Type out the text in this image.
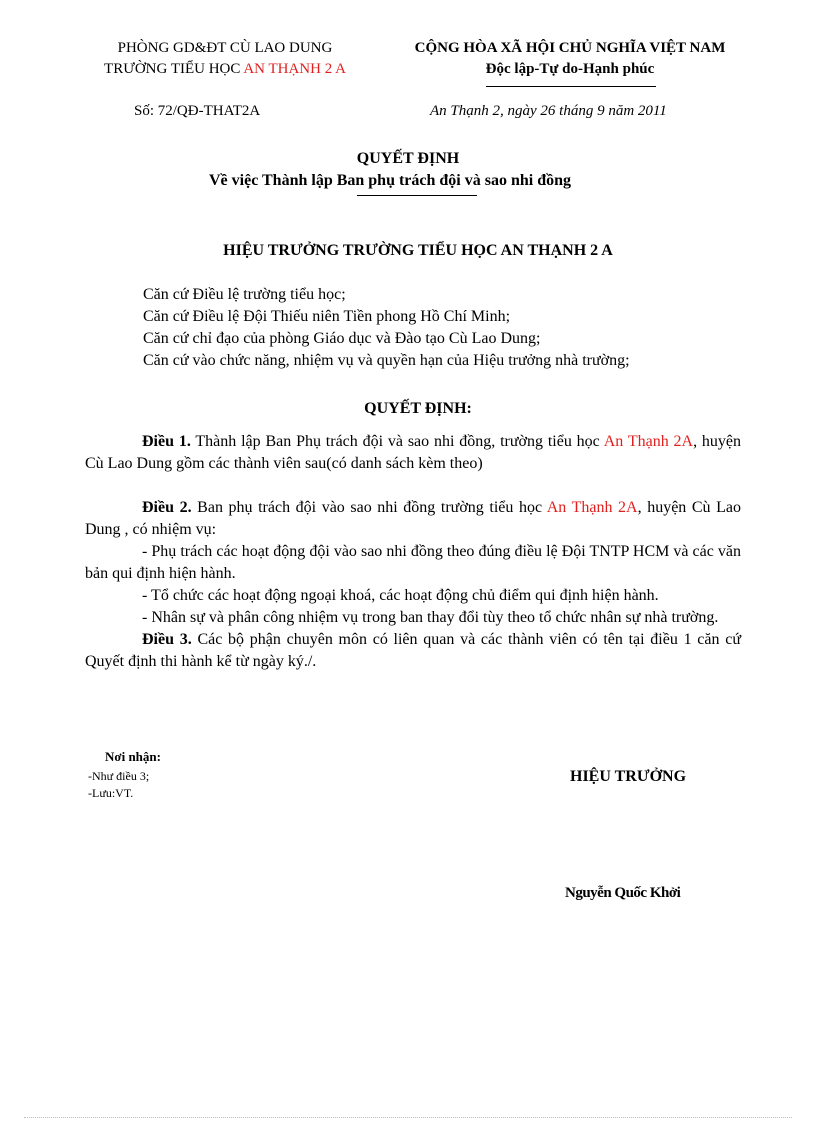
PHÒNG GD&ĐT CÙ LAO DUNG
TRƯỜNG TIỂU HỌC AN THẠNH 2 A
CỘNG HÒA XÃ HỘI CHỦ NGHĨA VIỆT NAM
Độc lập-Tự do-Hạnh phúc
Số: 72/QĐ-THAT2A	An Thạnh 2, ngày 26 tháng 9 năm 2011
QUYẾT ĐỊNH
Về việc Thành lập Ban phụ trách đội và sao nhi đồng
HIỆU TRƯỞNG TRƯỜNG TIỂU HỌC AN THẠNH 2 A
Căn cứ Điều lệ trường tiểu học;
Căn cứ Điều lệ Đội Thiếu niên Tiền phong Hồ Chí Minh;
Căn cứ chỉ đạo của phòng Giáo dục và Đào tạo Cù Lao Dung;
Căn cứ vào chức năng, nhiệm vụ và quyền hạn của Hiệu trưởng nhà trường;
QUYẾT ĐỊNH:
Điều 1. Thành lập Ban Phụ trách đội và sao nhi đồng, trường tiểu học An Thạnh 2A, huyện Cù Lao Dung gồm các thành viên sau(có danh sách kèm theo)
Điều 2. Ban phụ trách đội vào sao nhi đồng trường tiểu học An Thạnh 2A, huyện Cù Lao Dung , có nhiệm vụ:
- Phụ trách các hoạt động đội vào sao nhi đồng theo đúng điều lệ Đội TNTP HCM và các văn bản qui định hiện hành.
- Tổ chức các hoạt động ngoại khoá, các hoạt động chủ điểm qui định hiện hành.
- Nhân sự và phân công nhiệm vụ trong ban thay đổi tùy theo tổ chức nhân sự nhà trường.
Điều 3. Các bộ phận chuyên môn có liên quan và các thành viên có tên tại điều 1 căn cứ Quyết định thi hành kể từ ngày ký./.
Nơi nhận:
-Như điều 3;
-Lưu:VT.
HIỆU TRƯỞNG
Nguyễn Quốc Khởi
